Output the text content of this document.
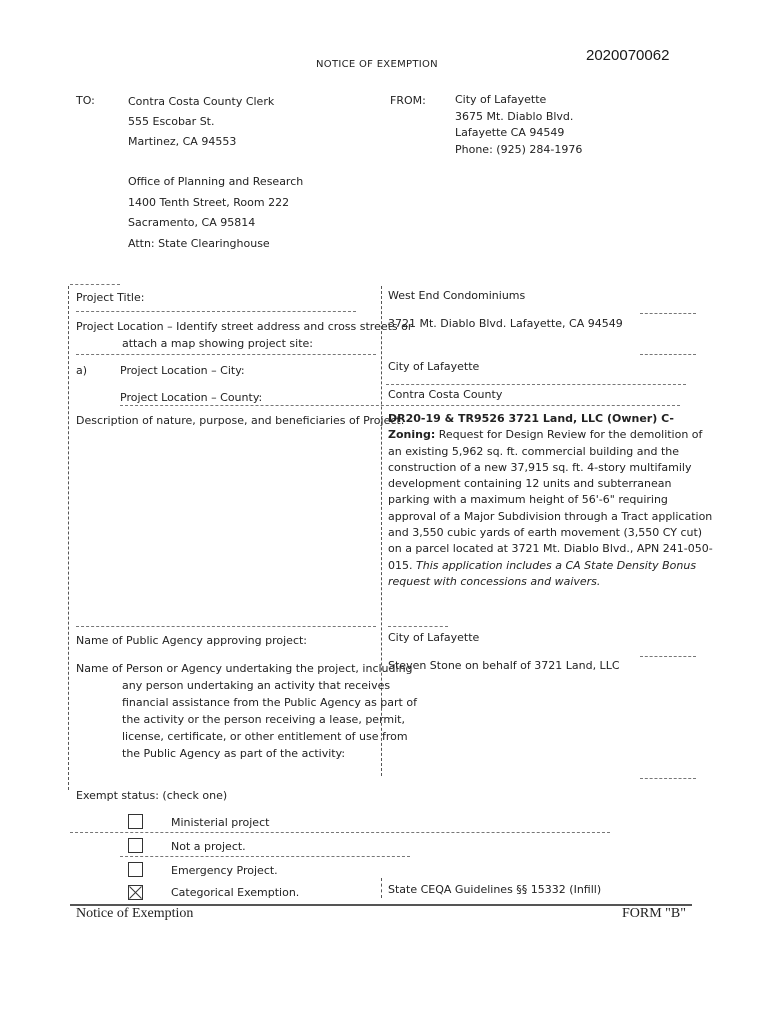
2020070062
NOTICE OF EXEMPTION
TO:	Contra Costa County Clerk
555 Escobar St.
Martinez, CA 94553
Office of Planning and Research
1400 Tenth Street, Room 222
Sacramento, CA 95814
Attn: State Clearinghouse
FROM:	City of Lafayette
3675 Mt. Diablo Blvd.
Lafayette CA 94549
Phone: (925) 284-1976
Project Title:	West End Condominiums
Project Location – Identify street address and cross streets or attach a map showing project site:
3721 Mt. Diablo Blvd. Lafayette, CA 94549
a)	Project Location – City:	City of Lafayette
Project Location – County:	Contra Costa County
Description of nature, purpose, and beneficiaries of Project:
DR20-19 & TR9526 3721 Land, LLC (Owner) C-Zoning: Request for Design Review for the demolition of an existing 5,962 sq. ft. commercial building and the construction of a new 37,915 sq. ft. 4-story multifamily development containing 12 units and subterranean parking with a maximum height of 56'-6" requiring approval of a Major Subdivision through a Tract application and 3,550 cubic yards of earth movement (3,550 CY cut) on a parcel located at 3721 Mt. Diablo Blvd., APN 241-050-015. This application includes a CA State Density Bonus request with concessions and waivers.
Name of Public Agency approving project:	City of Lafayette
Name of Person or Agency undertaking the project, including any person undertaking an activity that receives financial assistance from the Public Agency as part of the activity or the person receiving a lease, permit, license, certificate, or other entitlement of use from the Public Agency as part of the activity:
Steven Stone on behalf of 3721 Land, LLC
Exempt status: (check one)
Ministerial project
Not a project.
Emergency Project.
Categorical Exemption.	State CEQA Guidelines §§ 15332 (Infill)
Notice of Exemption	FORM "B"
